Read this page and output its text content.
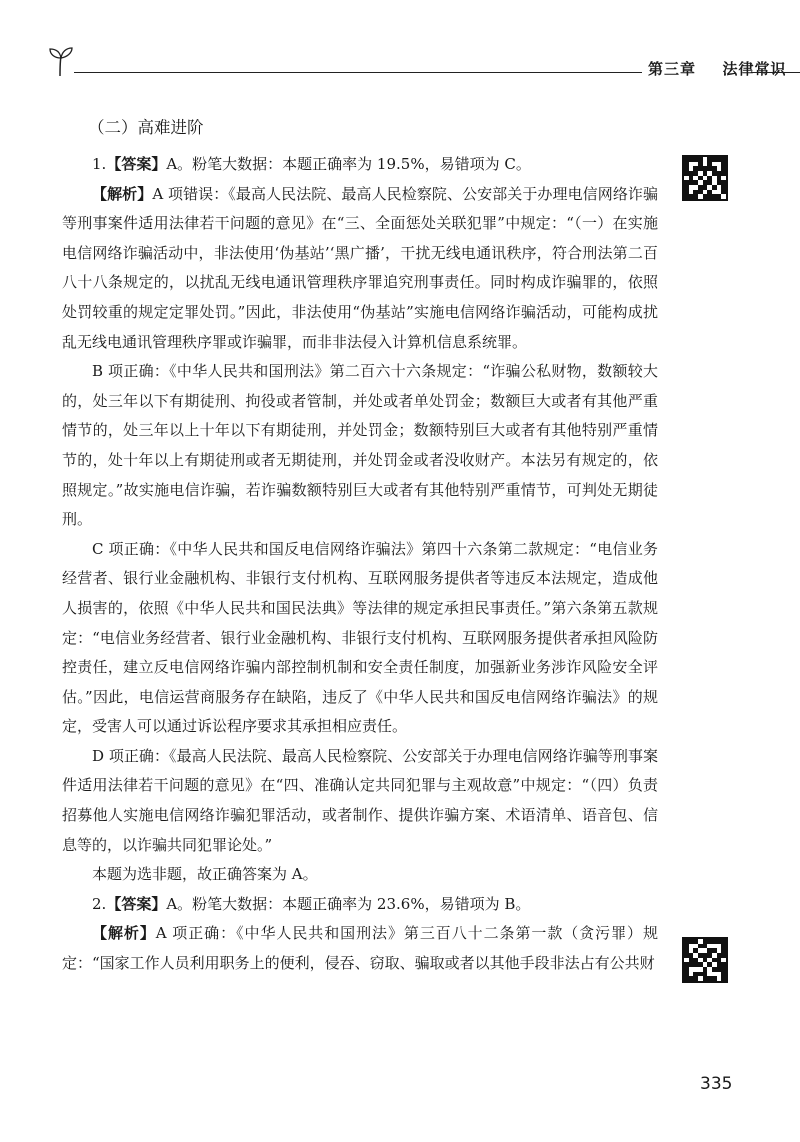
第三章 法律常识
（二）高难进阶

1.【答案】A。粉笔大数据：本题正确率为 19.5%，易错项为 C。

【解析】A 项错误：《最高人民法院、最高人民检察院、公安部关于办理电信网络诈骗等刑事案件适用法律若干问题的意见》在“三、全面惩处关联犯罪”中规定：“（一）在实施电信网络诈骗活动中，非法使用‘伪基站’‘黑广播’，干扰无线电通讯秩序，符合刑法第二百八十八条规定的，以扰乱无线电通讯管理秩序罪追究刑事责任。同时构成诈骗罪的，依照处罚较重的规定定罪处罚。”因此，非法使用“伪基站”实施电信网络诈骗活动，可能构成扰乱无线电通讯管理秩序罪或诈骗罪，而非非法侵入计算机信息系统罪。

B 项正确：《中华人民共和国刑法》第二百六十六条规定：“诈骗公私财物，数额较大的，处三年以下有期徒刑、拘役或者管制，并处或者单处罚金；数额巨大或者有其他严重情节的，处三年以上十年以下有期徒刑，并处罚金；数额特别巨大或者有其他特别严重情节的，处十年以上有期徒刑或者无期徒刑，并处罚金或者没收财产。本法另有规定的，依照规定。”故实施电信诈骗，若诈骗数额特别巨大或者有其他特别严重情节，可判处无期徒刑。

C 项正确：《中华人民共和国反电信网络诈骗法》第四十六条第二款规定：“电信业务经营者、银行业金融机构、非银行支付机构、互联网服务提供者等违反本法规定，造成他人损害的，依照《中华人民共和国民法典》等法律的规定承担民事责任。”第六条第五款规定：“电信业务经营者、银行业金融机构、非银行支付机构、互联网服务提供者承担风险防控责任，建立反电信网络诈骗内部控制机制和安全责任制度，加强新业务涉诈风险安全评估。”因此，电信运营商服务存在缺陷，违反了《中华人民共和国反电信网络诈骗法》的规定，受害人可以通过诉讼程序要求其承担相应责任。

D 项正确：《最高人民法院、最高人民检察院、公安部关于办理电信网络诈骗等刑事案件适用法律若干问题的意见》在“四、准确认定共同犯罪与主观故意”中规定：“（四）负责招募他人实施电信网络诈骗犯罪活动，或者制作、提供诈骗方案、术语清单、语音包、信息等的，以诈骗共同犯罪论处。”

本题为选非题，故正确答案为 A。

2.【答案】A。粉笔大数据：本题正确率为 23.6%，易错项为 B。

【解析】A 项正确：《中华人民共和国刑法》第三百八十二条第一款（贪污罪）规定：“国家工作人员利用职务上的便利，侵吞、窃取、骗取或者以其他手段非法占有公共财

335
